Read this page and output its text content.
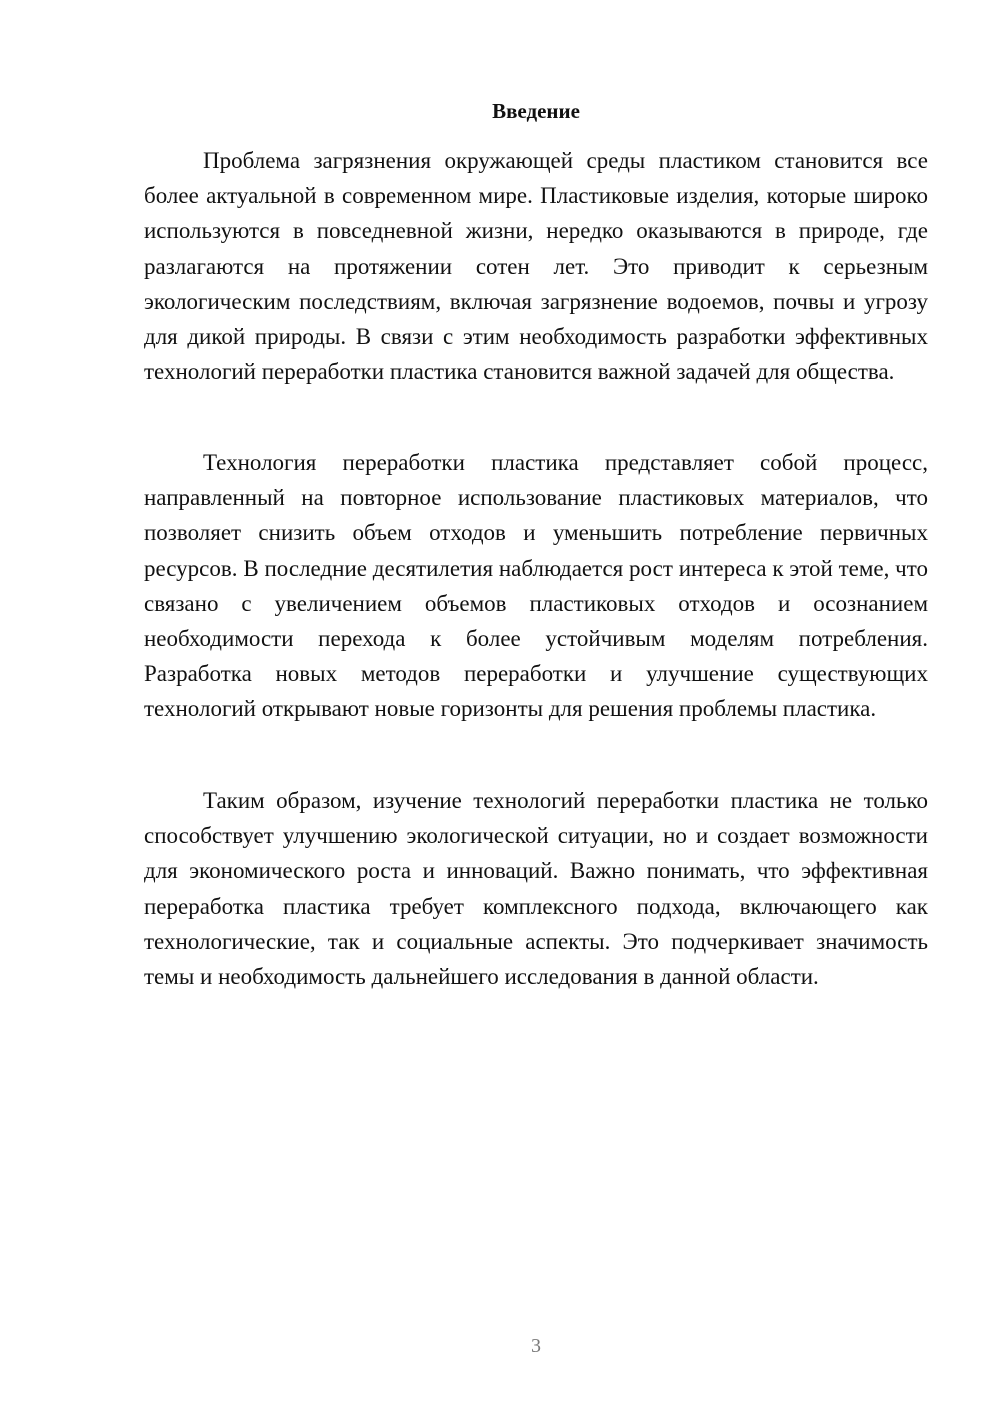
Введение

Проблема загрязнения окружающей среды пластиком становится все более актуальной в современном мире. Пластиковые изделия, которые широко используются в повседневной жизни, нередко оказываются в природе, где разлагаются на протяжении сотен лет. Это приводит к серьезным экологическим последствиям, включая загрязнение водоемов, почвы и угрозу для дикой природы. В связи с этим необходимость разработки эффективных технологий переработки пластика становится важной задачей для общества.

Технология переработки пластика представляет собой процесс, направленный на повторное использование пластиковых материалов, что позволяет снизить объем отходов и уменьшить потребление первичных ресурсов. В последние десятилетия наблюдается рост интереса к этой теме, что связано с увеличением объемов пластиковых отходов и осознанием необходимости перехода к более устойчивым моделям потребления. Разработка новых методов переработки и улучшение существующих технологий открывают новые горизонты для решения проблемы пластика.

Таким образом, изучение технологий переработки пластика не только способствует улучшению экологической ситуации, но и создает возможности для экономического роста и инноваций. Важно понимать, что эффективная переработка пластика требует комплексного подхода, включающего как технологические, так и социальные аспекты. Это подчеркивает значимость темы и необходимость дальнейшего исследования в данной области.

3
